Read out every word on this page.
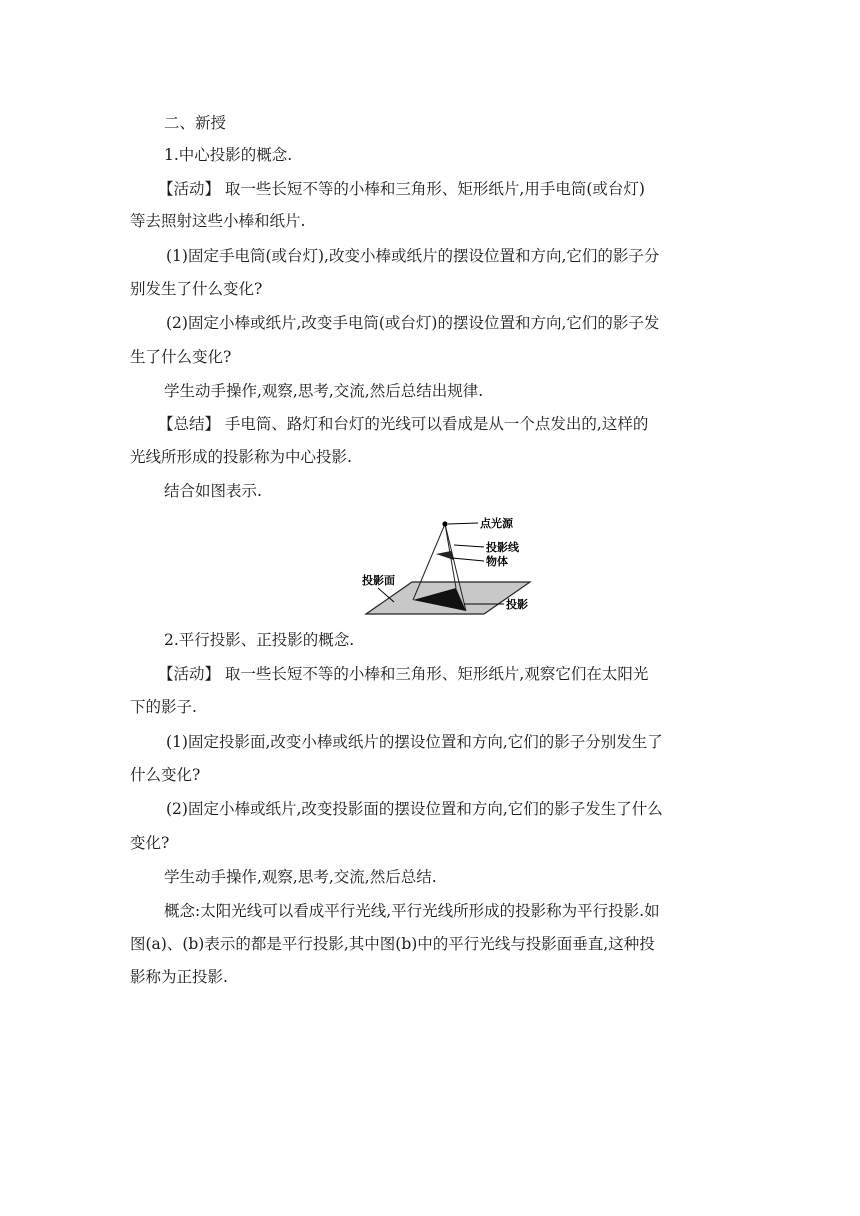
二、新授
1.中心投影的概念.
【活动】 取一些长短不等的小棒和三角形、矩形纸片,用手电筒(或台灯)
等去照射这些小棒和纸片.
(1)固定手电筒(或台灯),改变小棒或纸片的摆设位置和方向,它们的影子分
别发生了什么变化?
(2)固定小棒或纸片,改变手电筒(或台灯)的摆设位置和方向,它们的影子发
生了什么变化?
学生动手操作,观察,思考,交流,然后总结出规律.
【总结】 手电筒、路灯和台灯的光线可以看成是从一个点发出的,这样的
光线所形成的投影称为中心投影.
结合如图表示.
点光源
投影线
物体
投影面
投影
2.平行投影、正投影的概念.
【活动】 取一些长短不等的小棒和三角形、矩形纸片,观察它们在太阳光
下的影子.
(1)固定投影面,改变小棒或纸片的摆设位置和方向,它们的影子分别发生了
什么变化?
(2)固定小棒或纸片,改变投影面的摆设位置和方向,它们的影子发生了什么
变化?
学生动手操作,观察,思考,交流,然后总结.
概念:太阳光线可以看成平行光线,平行光线所形成的投影称为平行投影.如
图(a)、(b)表示的都是平行投影,其中图(b)中的平行光线与投影面垂直,这种投
影称为正投影.
